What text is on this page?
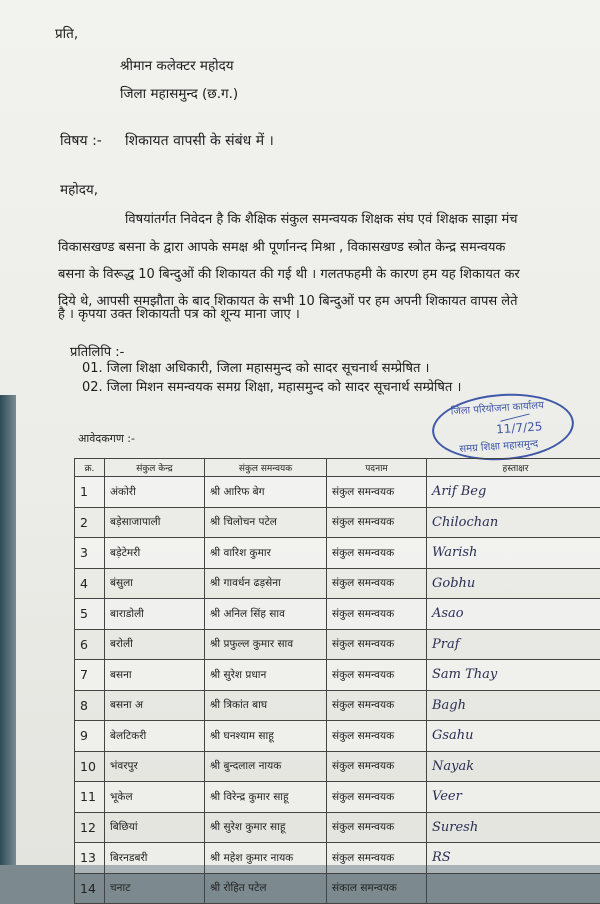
प्रति,
श्रीमान कलेक्टर महोदय
जिला महासमुन्द (छ.ग.)
विषय :- शिकायत वापसी के संबंध में ।
महोदय,
विषयांतर्गत निवेदन है कि शैक्षिक संकुल समन्वयक शिक्षक संघ एवं शिक्षक साझा मंच
विकासखण्ड बसना के द्वारा आपके समक्ष श्री पूर्णानन्द मिश्रा , विकासखण्ड स्त्रोत केन्द्र समन्वयक
बसना के विरूद्ध 10 बिन्दुओं की शिकायत की गई थी । गलतफहमी के कारण हम यह शिकायत कर
दिये थे, आपसी समझौता के बाद शिकायत के सभी 10 बिन्दुओं पर हम अपनी शिकायत वापस लेते
है । कृपया उक्त शिकायती पत्र को शून्य माना जाए ।
प्रतिलिपि :-
01. जिला शिक्षा अधिकारी, जिला महासमुन्द को सादर सूचनार्थ सम्प्रेषित ।
02. जिला मिशन समन्वयक समग्र शिक्षा, महासमुन्द को सादर सूचनार्थ सम्प्रेषित ।
जिला परियोजना कार्यालय
11/7/25
समग्र शिक्षा महासमुन्द
आवेदकगण :-
क्र.	संकुल केन्द्र	संकुल समन्वयक	पदनाम	हस्ताक्षर
1	अंकोरी	श्री आरिफ बेग	संकुल समन्वयक	Arif Beg
2	बड़ेसाजापाली	श्री चिलोचन पटेल	संकुल समन्वयक	Chilochan
3	बड़ेटेमरी	श्री वारिश कुमार	संकुल समन्वयक	Warish
4	बंसुला	श्री गावर्धन ढड़सेना	संकुल समन्वयक	Gobhu
5	बाराडोली	श्री अनिल सिंह साव	संकुल समन्वयक	Asao
6	बरोली	श्री प्रफुल्ल कुमार साव	संकुल समन्वयक	Praf
7	बसना	श्री सुरेश प्रधान	संकुल समन्वयक	Sam Thay
8	बसना अ	श्री त्रिकांत बाघ	संकुल समन्वयक	Bagh
9	बेलटिकरी	श्री घनश्याम साहू	संकुल समन्वयक	Gsahu
10	भंवरपुर	श्री बुन्दलाल नायक	संकुल समन्वयक	Nayak
11	भूकेल	श्री विरेन्द्र कुमार साहू	संकुल समन्वयक	Veer
12	बिछियां	श्री सुरेश कुमार साहू	संकुल समन्वयक	Suresh
13	बिरनडबरी	श्री महेश कुमार नायक	संकुल समन्वयक	RS
14	चनाट	श्री रोहित पटेल	संकाल समन्वयक	
